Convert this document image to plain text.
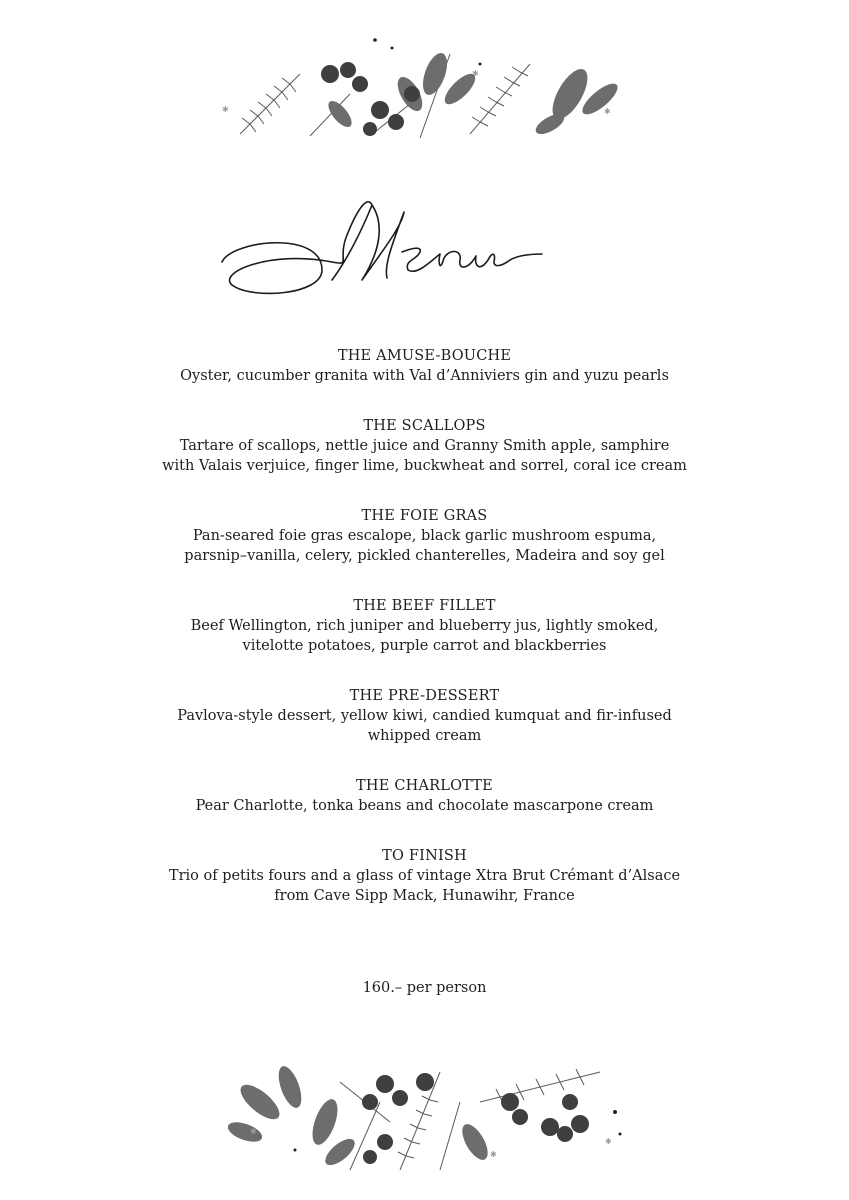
✱	✱
✱
THE AMUSE-BOUCHE
Oyster, cucumber granita with Val d’Anniviers gin and yuzu pearls
THE SCALLOPS
Tartare of scallops, nettle juice and Granny Smith apple, samphire
with Valais verjuice, finger lime, buckwheat and sorrel, coral ice cream
THE FOIE GRAS
Pan-seared foie gras escalope, black garlic mushroom espuma,
parsnip–vanilla, celery, pickled chanterelles, Madeira and soy gel
THE BEEF FILLET
Beef Wellington, rich juniper and blueberry jus, lightly smoked,
vitelotte potatoes, purple carrot and blackberries
THE PRE-DESSERT
Pavlova-style dessert, yellow kiwi, candied kumquat and fir-infused
whipped cream
THE CHARLOTTE
Pear Charlotte, tonka beans and chocolate mascarpone cream
TO FINISH
Trio of petits fours and a glass of vintage Xtra Brut Crémant d’Alsace
from Cave Sipp Mack, Hunawihr, France
160.– per person
✱
✱
✱
